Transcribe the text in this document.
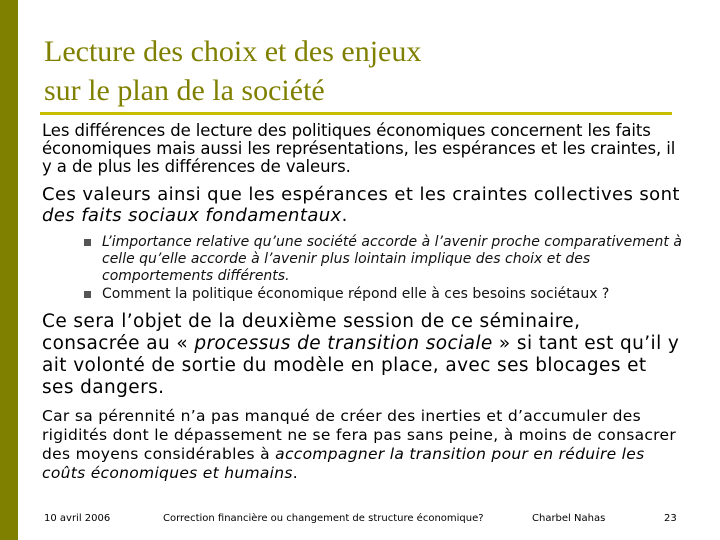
Lecture des choix et des enjeux
sur le plan de la société

Les différences de lecture des politiques économiques concernent les faits économiques mais aussi les représentations, les espérances et les craintes, il y a de plus les différences de valeurs.

Ces valeurs ainsi que les espérances et les craintes collectives sont des faits sociaux fondamentaux.

L’importance relative qu’une société accorde à l’avenir proche comparativement à celle qu’elle accorde à l’avenir plus lointain implique des choix et des comportements différents.
Comment la politique économique répond elle à ces besoins sociétaux ?

Ce sera l’objet de la deuxième session de ce séminaire, consacrée au « processus de transition sociale » si tant est qu’il y ait volonté de sortie du modèle en place, avec ses blocages et ses dangers.

Car sa pérennité n’a pas manqué de créer des inerties et d’accumuler des rigidités dont le dépassement ne se fera pas sans peine, à moins de consacrer des moyens considérables à accompagner la transition pour en réduire les coûts économiques et humains.

10 avril 2006	Correction financière ou changement de structure économique?	Charbel Nahas	23
